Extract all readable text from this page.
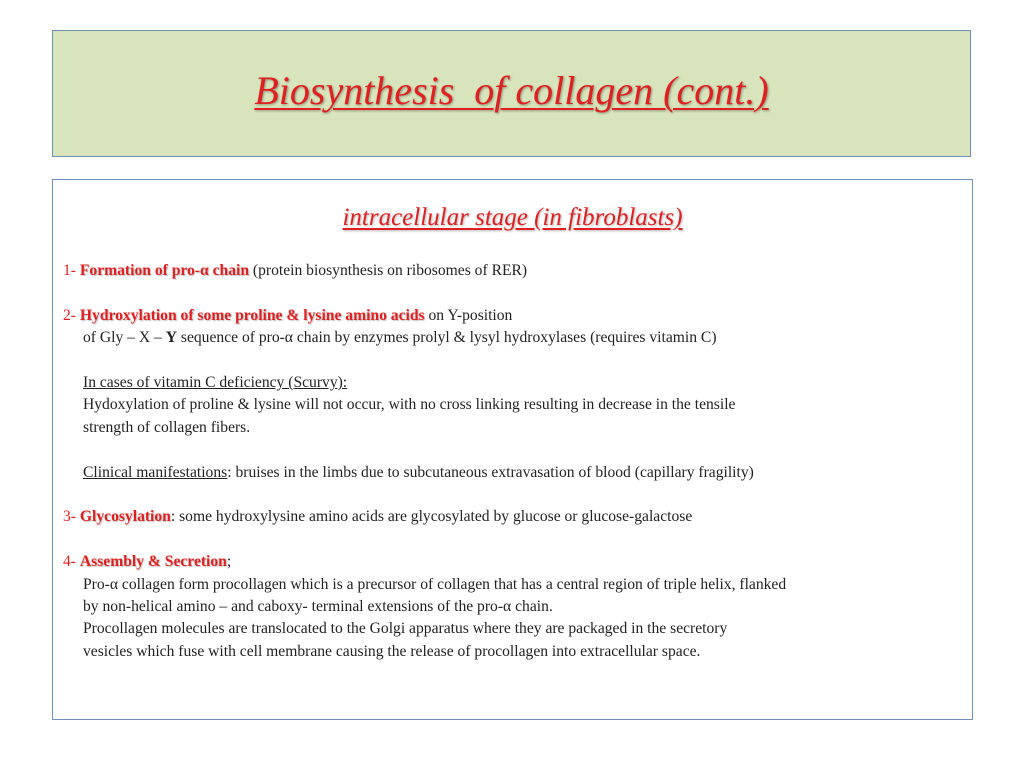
Biosynthesis  of collagen (cont.)
intracellular stage (in fibroblasts)

1- Formation of pro-α chain (protein biosynthesis on ribosomes of RER)

2- Hydroxylation of some proline & lysine amino acids on Y-position

of Gly – X – Y sequence of pro-α chain by enzymes prolyl & lysyl hydroxylases (requires vitamin C)

In cases of vitamin C deficiency (Scurvy):

Hydoxylation of proline & lysine will not occur, with no cross linking resulting in decrease in the tensile

strength of collagen fibers.

Clinical manifestations: bruises in the limbs due to subcutaneous extravasation of blood (capillary fragility)

3- Glycosylation: some hydroxylysine amino acids are glycosylated by glucose or glucose-galactose

4- Assembly & Secretion;

Pro-α collagen form procollagen which is a precursor of collagen that has a central region of triple helix, flanked

by non-helical amino – and caboxy- terminal extensions of the pro-α chain.

Procollagen molecules are translocated to the Golgi apparatus where they are packaged in the secretory

vesicles which fuse with cell membrane causing the release of procollagen into extracellular space.
